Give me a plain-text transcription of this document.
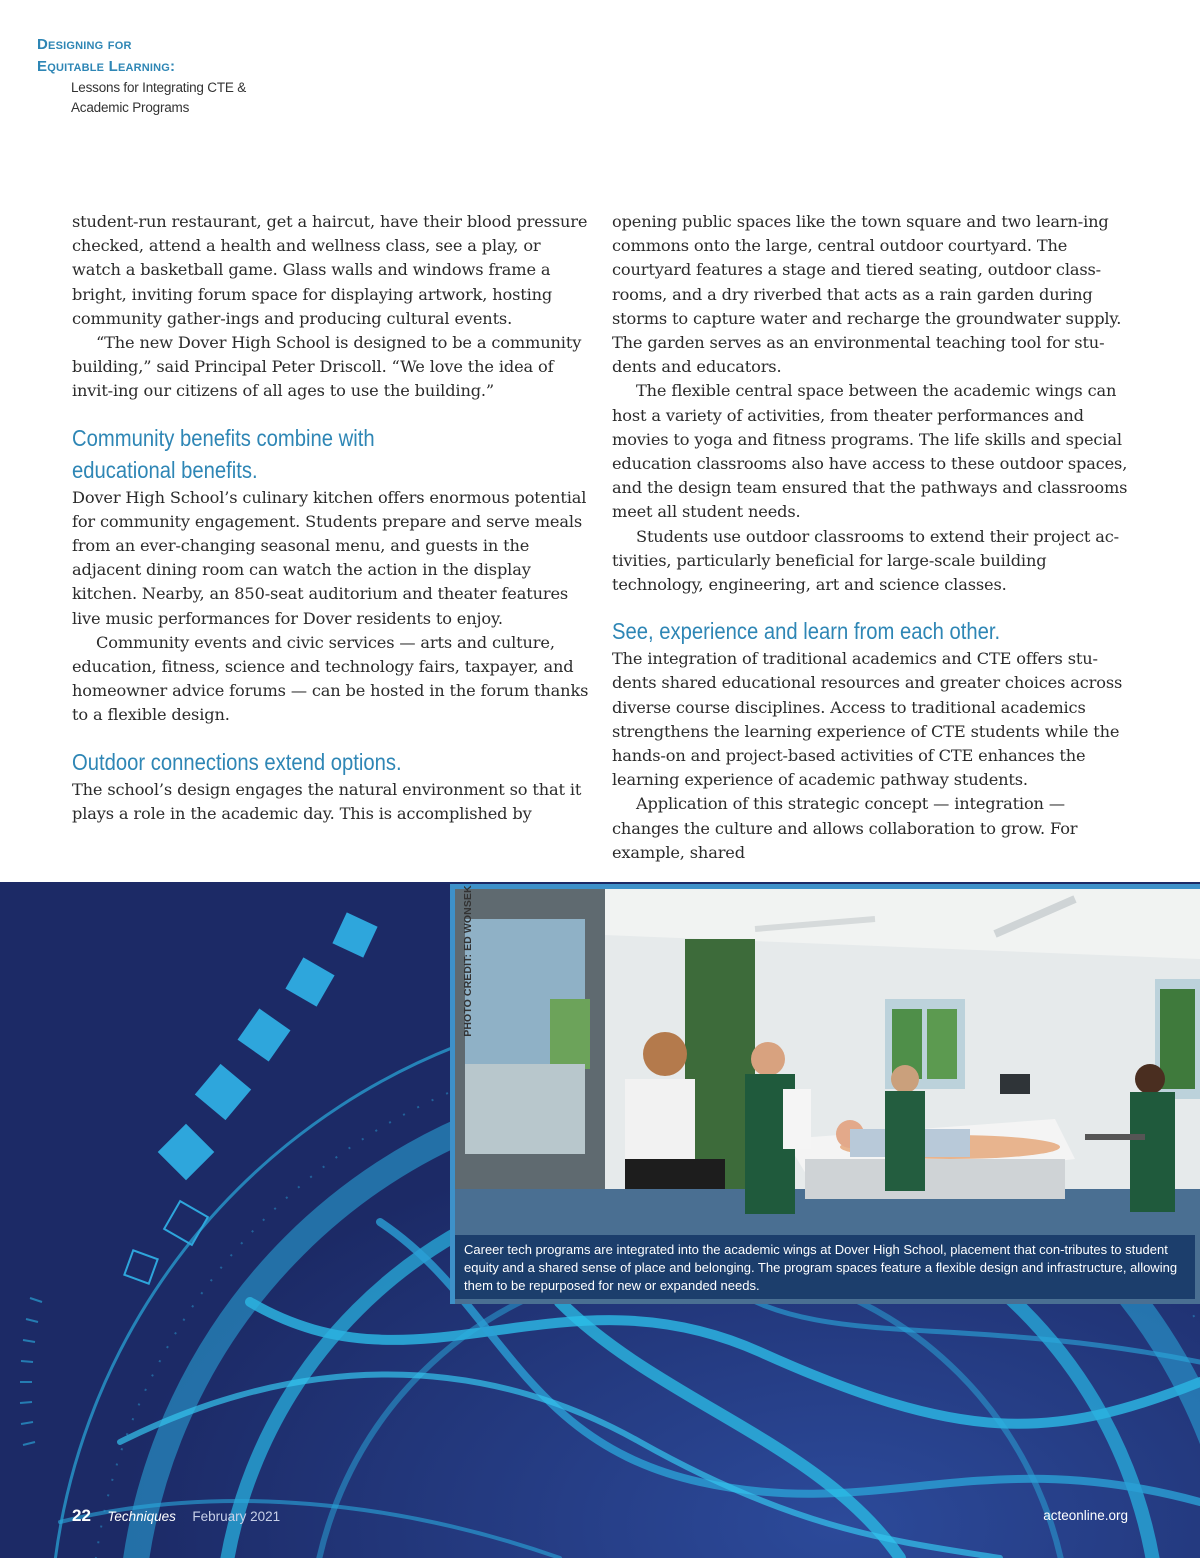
Designing for
Equitable Learning:
Lessons for Integrating CTE &
Academic Programs

student-run restaurant, get a haircut, have their blood pressure checked, attend a health and wellness class, see a play, or watch a basketball game. Glass walls and windows frame a bright, inviting forum space for displaying artwork, hosting community gather-ings and producing cultural events.

“The new Dover High School is designed to be a community building,” said Principal Peter Driscoll. “We love the idea of invit-ing our citizens of all ages to use the building.”

Community benefits combine with
educational benefits.

Dover High School’s culinary kitchen offers enormous potential for community engagement. Students prepare and serve meals from an ever-changing seasonal menu, and guests in the adjacent dining room can watch the action in the display kitchen. Nearby, an 850-seat auditorium and theater features live music performances for Dover residents to enjoy.

Community events and civic services — arts and culture, education, fitness, science and technology fairs, taxpayer, and homeowner advice forums — can be hosted in the forum thanks to a flexible design.

Outdoor connections extend options.

The school’s design engages the natural environment so that it plays a role in the academic day. This is accomplished by

opening public spaces like the town square and two learn-ing commons onto the large, central outdoor courtyard. The courtyard features a stage and tiered seating, outdoor class-rooms, and a dry riverbed that acts as a rain garden during storms to capture water and recharge the groundwater supply. The garden serves as an environmental teaching tool for stu-dents and educators.

The flexible central space between the academic wings can host a variety of activities, from theater performances and movies to yoga and fitness programs. The life skills and special education classrooms also have access to these outdoor spaces, and the design team ensured that the pathways and classrooms meet all student needs.

Students use outdoor classrooms to extend their project ac-tivities, particularly beneficial for large-scale building technology, engineering, art and science classes.

See, experience and learn from each other.

The integration of traditional academics and CTE offers stu-dents shared educational resources and greater choices across diverse course disciplines. Access to traditional academics strengthens the learning experience of CTE students while the hands-on and project-based activities of CTE enhances the learning experience of academic pathway students.

Application of this strategic concept — integration — changes the culture and allows collaboration to grow. For example, shared

PHOTO CREDIT: ED WONSEK
Career tech programs are integrated into the academic wings at Dover High School, placement that con-tributes to student equity and a shared sense of place and belonging. The program spaces feature a flexible design and infrastructure, allowing them to be repurposed for new or expanded needs.
22 Techniques February 2021	acteonline.org
